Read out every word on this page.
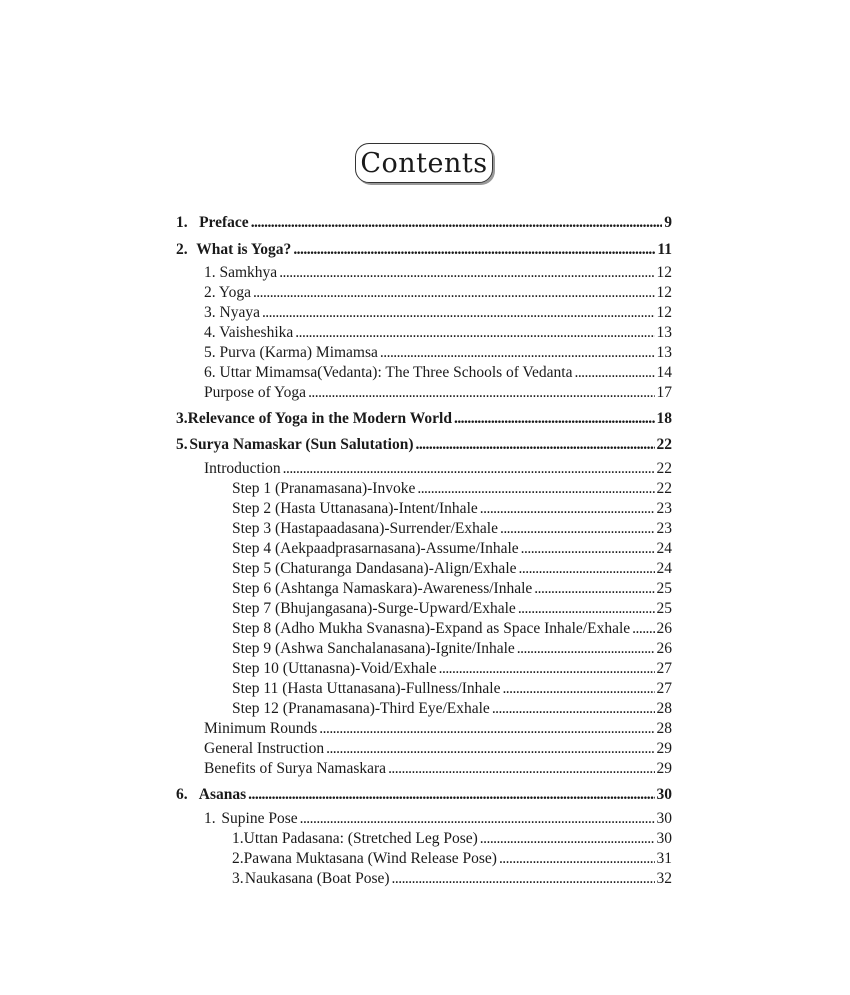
Contents
1. Preface . . .	9
2. What is Yoga? . . .	11
1. Samkhya . . .	12
2. Yoga . . .	12
3. Nyaya . . .	12
4. Vaisheshika . . .	13
5. Purva (Karma) Mimamsa . . .	13
6. Uttar Mimamsa(Vedanta): The Three Schools of Vedanta . . .	14
Purpose of Yoga . . .	17
3. Relevance of Yoga in the Modern World . . .	18
5. Surya Namaskar (Sun Salutation) . . .	22
Introduction . . .	22
Step 1 (Pranamasana)-Invoke . . .	22
Step 2 (Hasta Uttanasana)-Intent/Inhale . . .	23
Step 3 (Hastapaadasana)-Surrender/Exhale . . .	23
Step 4 (Aekpaadprasarnasana)-Assume/Inhale . . .	24
Step 5 (Chaturanga Dandasana)-Align/Exhale . . .	24
Step 6 (Ashtanga Namaskara)-Awareness/Inhale . . .	25
Step 7 (Bhujangasana)-Surge-Upward/Exhale . . .	25
Step 8 (Adho Mukha Svanasna)-Expand as Space Inhale/Exhale . . . 26
Step 9 (Ashwa Sanchalanasana)-Ignite/Inhale . . .	26
Step 10 (Uttanasna)-Void/Exhale . . .	27
Step 11 (Hasta Uttanasana)-Fullness/Inhale . . .	27
Step 12 (Pranamasana)-Third Eye/Exhale . . .	28
Minimum Rounds . . .	28
General Instruction . . .	29
Benefits of Surya Namaskara . . .	29
6. Asanas . . .	30
1. Supine Pose . . .	30
1. Uttan Padasana: (Stretched Leg Pose) . . .	30
2. Pawana Muktasana (Wind Release Pose) . . .	31
3. Naukasana (Boat Pose) . . .	32
